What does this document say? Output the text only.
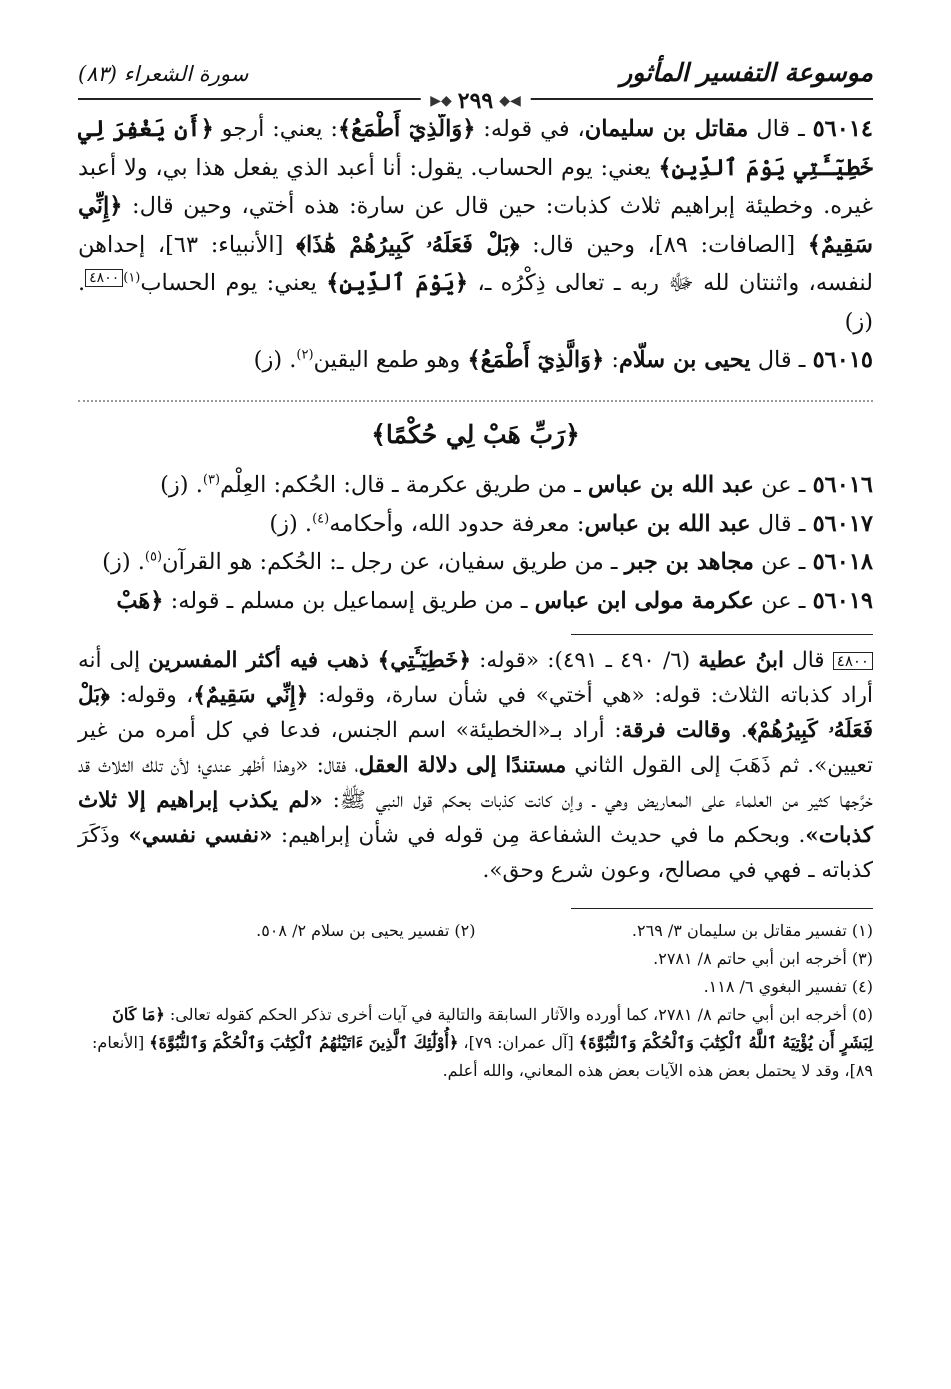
موسوعة التفسير المأثور
سورة الشعراء (٨٣)
◀◆
٢٩٩
◆▶

٥٦٠١٤ ـ قال مقاتل بن سليمان، في قوله: ﴿وَالَّذِيٓ أَطْمَعُ﴾: يعني: أرجو ﴿أَن يَغْفِرَ لِي خَطِيٓـَٔتِي يَوْمَ ٱلدِّينِ﴾ يعني: يوم الحساب. يقول: أنا أعبد الذي يفعل هذا بي، ولا أعبد غيره. وخطيئة إبراهيم ثلاث كذبات: حين قال عن سارة: هذه أختي، وحين قال: ﴿إِنِّي سَقِيمٌ﴾ [الصافات: ٨٩]، وحين قال: ﴿بَلْ فَعَلَهُۥ كَبِيرُهُمْ هَٰذَا﴾ [الأنبياء: ٦٣]، إحداهن لنفسه، واثنتان لله ﷻ ربه ـ تعالى ذِكْرُه ـ، ﴿يَوْمَ ٱلدِّينِ﴾ يعني: يوم الحساب$^{(١)}$٤٨٠٠. (ز)

٥٦٠١٥ ـ قال يحيى بن سلّام: ﴿وَالَّذِيٓ أَطْمَعُ﴾ وهو طمع اليقين$^{(٢)}$. (ز)

﴿رَبِّ هَبْ لِي حُكْمًا﴾

٥٦٠١٦ ـ عن عبد الله بن عباس ـ من طريق عكرمة ـ قال: الحُكم: العِلْم$^{(٣)}$. (ز)

٥٦٠١٧ ـ قال عبد الله بن عباس: معرفة حدود الله، وأحكامه$^{(٤)}$. (ز)

٥٦٠١٨ ـ عن مجاهد بن جبر ـ من طريق سفيان، عن رجل ـ: الحُكم: هو القرآن$^{(٥)}$. (ز)

٥٦٠١٩ ـ عن عكرمة مولى ابن عباس ـ من طريق إسماعيل بن مسلم ـ قوله: ﴿هَبْ

٤٨٠٠ قال ابنُ عطية (٦/ ٤٩٠ ـ ٤٩١): «قوله: ﴿خَطِيٓـَٔتِي﴾ ذهب فيه أكثر المفسرين إلى أنه أراد كذباته الثلاث: قوله: «هي أختي» في شأن سارة، وقوله: ﴿إِنِّي سَقِيمٌ﴾، وقوله: ﴿بَلْ فَعَلَهُۥ كَبِيرُهُمْ﴾. وقالت فرقة: أراد بـ«الخطيئة» اسم الجنس، فدعا في كل أمره من غير تعيين». ثم ذَهَبَ إلى القول الثاني مستندًا إلى دلالة العقل، فقال: «وهذا أظهر عندي؛ لأن تلك الثلاث قد خرَّجها كثير من العلماء على المعاريض وهي ـ وإن كانت كذبات بحكم قول النبي ﷺ: «لم يكذب إبراهيم إلا ثلاث كذبات». وبحكم ما في حديث الشفاعة مِن قوله في شأن إبراهيم: «نفسي نفسي» وذَكَرَ كذباته ـ فهي في مصالح، وعون شرع وحق».
(١) تفسير مقاتل بن سليمان ٣/ ٢٦٩.
(٢) تفسير يحيى بن سلام ٢/ ٥٠٨.
(٣) أخرجه ابن أبي حاتم ٨/ ٢٧٨١.
(٤) تفسير البغوي ٦/ ١١٨.
(٥) أخرجه ابن أبي حاتم ٨/ ٢٧٨١، كما أورده والآثار السابقة والتالية في آيات أخرى تذكر الحكم كقوله تعالى: ﴿مَا كَانَ لِبَشَرٍ أَن يُؤْتِيَهُ ٱللَّهُ ٱلْكِتَٰبَ وَٱلْحُكْمَ وَٱلنُّبُوَّةَ﴾ [آل عمران: ٧٩]، ﴿أُوْلَٰٓئِكَ ٱلَّذِينَ ءَاتَيْنَٰهُمُ ٱلْكِتَٰبَ وَٱلْحُكْمَ وَٱلنُّبُوَّةَ﴾ [الأنعام: ٨٩]، وقد لا يحتمل بعض هذه الآيات بعض هذه المعاني، والله أعلم.
